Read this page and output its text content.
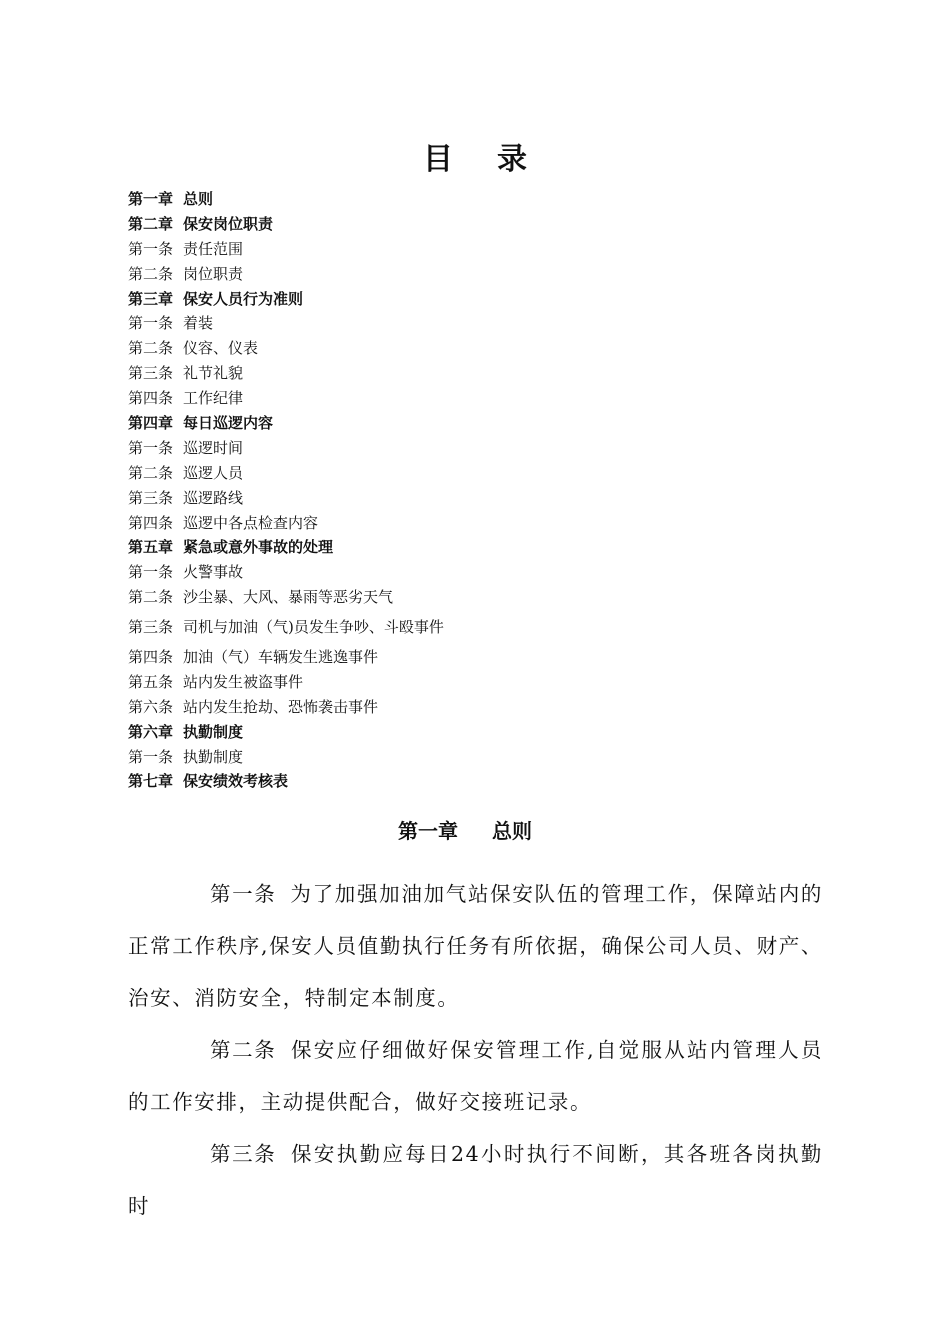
目录
第一章 总则
第二章 保安岗位职责
第一条 责任范围
第二条 岗位职责
第三章 保安人员行为准则
第一条 着装
第二条 仪容、仪表
第三条 礼节礼貌
第四条 工作纪律
第四章 每日巡逻内容
第一条 巡逻时间
第二条 巡逻人员
第三条 巡逻路线
第四条 巡逻中各点检查内容
第五章 紧急或意外事故的处理
第一条 火警事故
第二条 沙尘暴、大风、暴雨等恶劣天气
第三条 司机与加油（气)员发生争吵、斗殴事件
第四条 加油（气）车辆发生逃逸事件
第五条 站内发生被盗事件
第六条 站内发生抢劫、恐怖袭击事件
第六章 执勤制度
第一条 执勤制度
第七章 保安绩效考核表
第一章 总则

第一条 为了加强加油加气站保安队伍的管理工作，保障站内的正常工作秩序,保安人员值勤执行任务有所依据，确保公司人员、财产、治安、消防安全，特制定本制度。

第二条 保安应仔细做好保安管理工作,自觉服从站内管理人员的工作安排，主动提供配合，做好交接班记录。

第三条 保安执勤应每日24小时执行不间断，其各班各岗执勤时
